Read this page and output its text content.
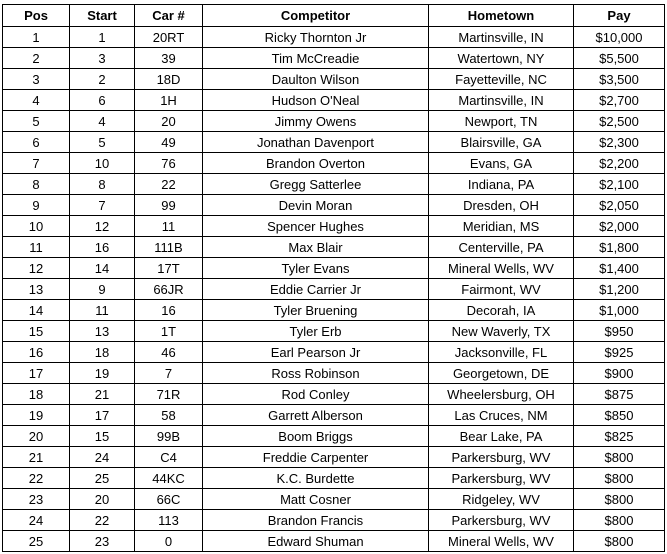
Pos	Start	Car #	Competitor	Hometown	Pay
1	1	20RT	Ricky Thornton Jr	Martinsville, IN	$10,000
2	3	39	Tim McCreadie	Watertown, NY	$5,500
3	2	18D	Daulton Wilson	Fayetteville, NC	$3,500
4	6	1H	Hudson O'Neal	Martinsville, IN	$2,700
5	4	20	Jimmy Owens	Newport, TN	$2,500
6	5	49	Jonathan Davenport	Blairsville, GA	$2,300
7	10	76	Brandon Overton	Evans, GA	$2,200
8	8	22	Gregg Satterlee	Indiana, PA	$2,100
9	7	99	Devin Moran	Dresden, OH	$2,050
10	12	11	Spencer Hughes	Meridian, MS	$2,000
11	16	111B	Max Blair	Centerville, PA	$1,800
12	14	17T	Tyler Evans	Mineral Wells, WV	$1,400
13	9	66JR	Eddie Carrier Jr	Fairmont, WV	$1,200
14	11	16	Tyler Bruening	Decorah, IA	$1,000
15	13	1T	Tyler Erb	New Waverly, TX	$950
16	18	46	Earl Pearson Jr	Jacksonville, FL	$925
17	19	7	Ross Robinson	Georgetown, DE	$900
18	21	71R	Rod Conley	Wheelersburg, OH	$875
19	17	58	Garrett Alberson	Las Cruces, NM	$850
20	15	99B	Boom Briggs	Bear Lake, PA	$825
21	24	C4	Freddie Carpenter	Parkersburg, WV	$800
22	25	44KC	K.C. Burdette	Parkersburg, WV	$800
23	20	66C	Matt Cosner	Ridgeley, WV	$800
24	22	113	Brandon Francis	Parkersburg, WV	$800
25	23	0	Edward Shuman	Mineral Wells, WV	$800
